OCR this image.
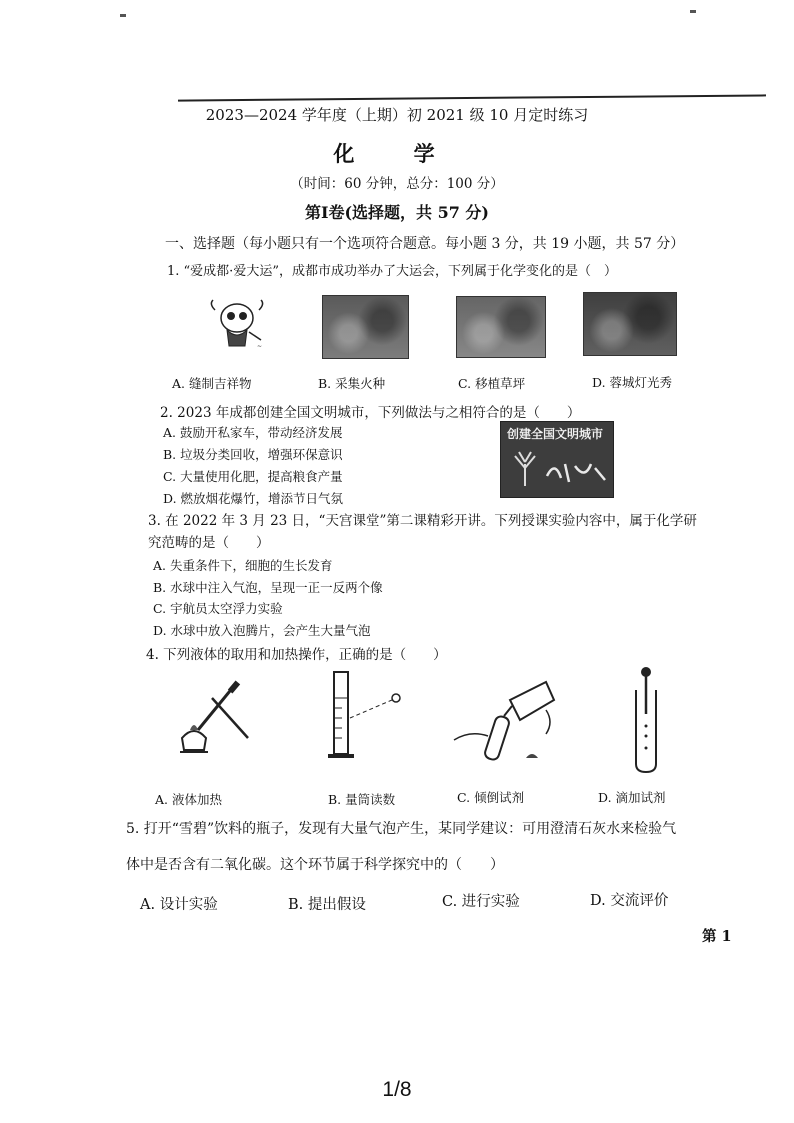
2023—2024 学年度（上期）初 2021 级 10 月定时练习
化 学
（时间：60 分钟，总分：100 分）
第Ⅰ卷(选择题，共 57 分)
一、选择题（每小题只有一个选项符合题意。每小题 3 分，共 19 小题，共 57 分）
1. “爱成都·爱大运”，成都市成功举办了大运会，下列属于化学变化的是（　）
~
A. 缝制吉祥物	B. 采集火种	C. 移植草坪	D. 蓉城灯光秀
2. 2023 年成都创建全国文明城市，下列做法与之相符合的是（　　）
A. 鼓励开私家车，带动经济发展
B. 垃圾分类回收，增强环保意识
C. 大量使用化肥，提高粮食产量
D. 燃放烟花爆竹，增添节日气氛
创建全国文明城市
3. 在 2022 年 3 月 23 日，“天宫课堂”第二课精彩开讲。下列授课实验内容中，属于化学研
究范畴的是（　　）
A. 失重条件下，细胞的生长发育
B. 水球中注入气泡，呈现一正一反两个像
C. 宇航员太空浮力实验
D. 水球中放入泡腾片，会产生大量气泡
4. 下列液体的取用和加热操作，正确的是（　　）
A. 液体加热	B. 量筒读数	C. 倾倒试剂	D. 滴加试剂
5. 打开“雪碧”饮料的瓶子，发现有大量气泡产生，某同学建议：可用澄清石灰水来检验气
体中是否含有二氧化碳。这个环节属于科学探究中的（　　）
A. 设计实验	B. 提出假设	C. 进行实验	D. 交流评价
第 1
1/8
